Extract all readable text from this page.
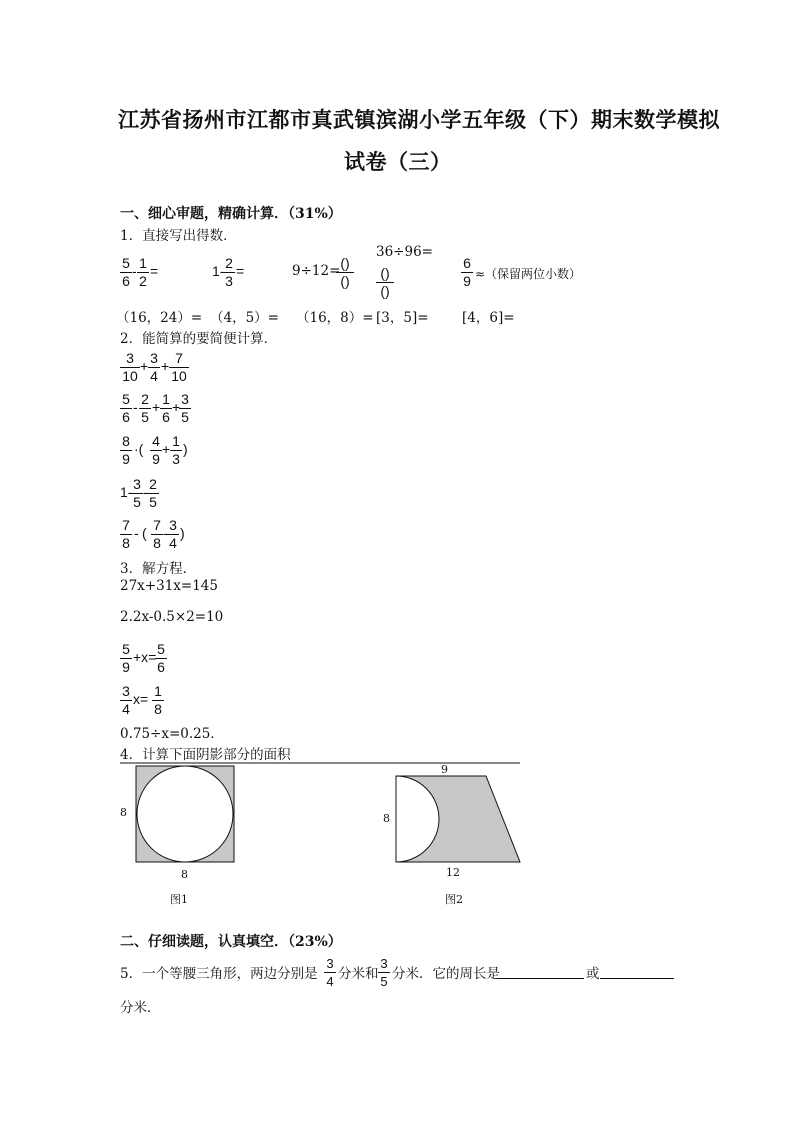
江苏省扬州市江都市真武镇滨湖小学五年级（下）期末数学模拟
试卷（三）
一、细心审题，精确计算．（31%）
1．直接写出得数．
5
6
- 1
2
=	1- 2
3
=	9÷12= ()
()
36÷96=
()
()
6
9 ≈（保留两位小数）
（16，24）= （4，5）= （16，8）= [3，5]= [4，6]=
2．能简算的要简便计算．
3
10
+ 3
4
+ 7
10
5
6
- 2
5
+ 1
6
+ 3
5
8
9
·( 4
9
+ 1
3
)
1- 3
5
- 2
5
7
8
- ( 7
8
- 3
4
)
3．解方程．
27x+31x=145
2.2x-0.5×2=10
5
9
+x= 5
6
3
4
x= 1
8
0.75÷x=0.25．
4．计算下面阴影部分的面积
8
8
图1
9
8
12
图2
二、仔细读题，认真填空．（23%）
5．一个等腰三角形，两边分别是
3
4 分米和
3
5 分米．它的周长是	或
分米．
